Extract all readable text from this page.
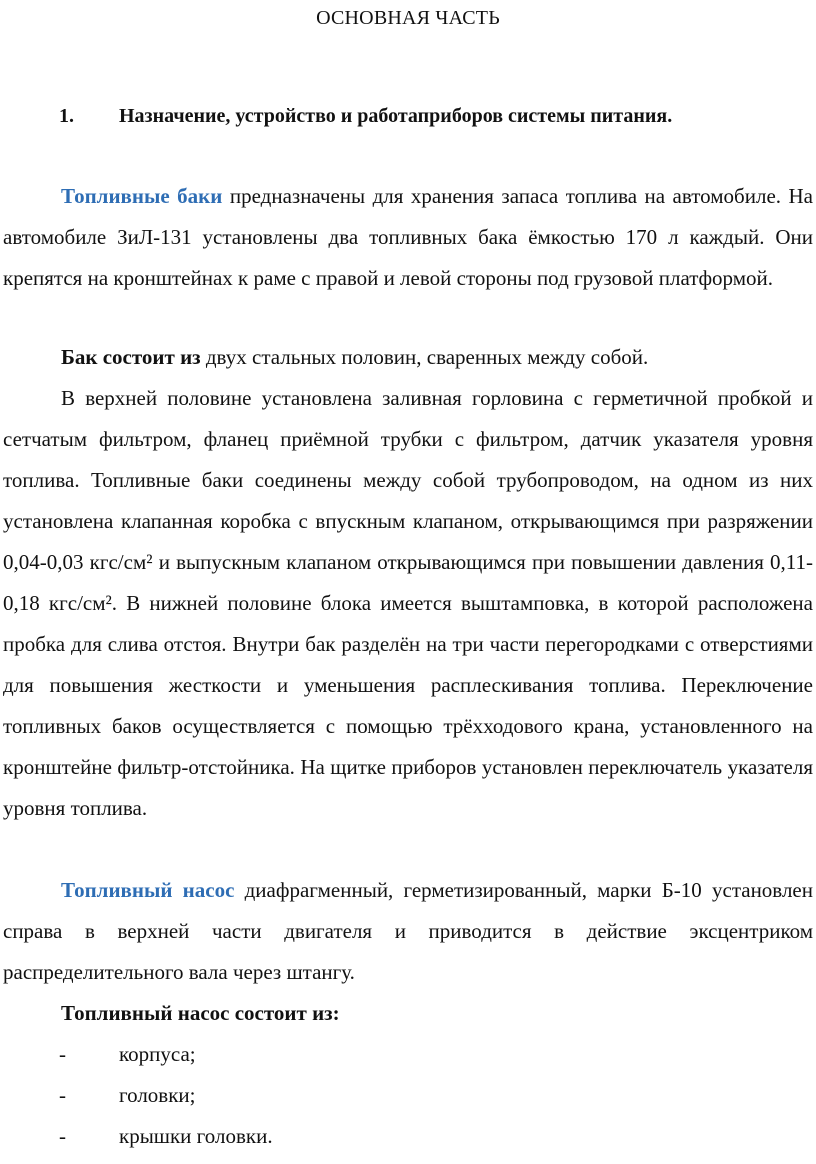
ОСНОВНАЯ ЧАСТЬ
1. Назначение, устройство и работаприборов системы питания.

Топливные баки предназначены для хранения запаса топлива на автомобиле. На автомобиле ЗиЛ-131 установлены два топливных бака ёмкостью 170 л каждый. Они крепятся на кронштейнах к раме с правой и левой стороны под грузовой платформой.

Бак состоит из двух стальных половин, сваренных между собой.

В верхней половине установлена заливная горловина с герметичной пробкой и сетчатым фильтром, фланец приёмной трубки с фильтром, датчик указателя уровня топлива. Топливные баки соединены между собой трубопроводом, на одном из них установлена клапанная коробка с впускным клапаном, открывающимся при разряжении 0,04-0,03 кгс/см² и выпускным клапаном открывающимся при повышении давления 0,11-0,18 кгс/см². В нижней половине блока имеется выштамповка, в которой расположена пробка для слива отстоя. Внутри бак разделён на три части перегородками с отверстиями для повышения жесткости и уменьшения расплескивания топлива. Переключение топливных баков осуществляется с помощью трёхходового крана, установленного на кронштейне фильтр-отстойника. На щитке приборов установлен переключатель указателя уровня топлива.

Топливный насос диафрагменный, герметизированный, марки Б-10 установлен справа в верхней части двигателя и приводится в действие эксцентриком распределительного вала через штангу.

Топливный насос состоит из:

-	корпуса;
-	головки;
-	крышки головки.
